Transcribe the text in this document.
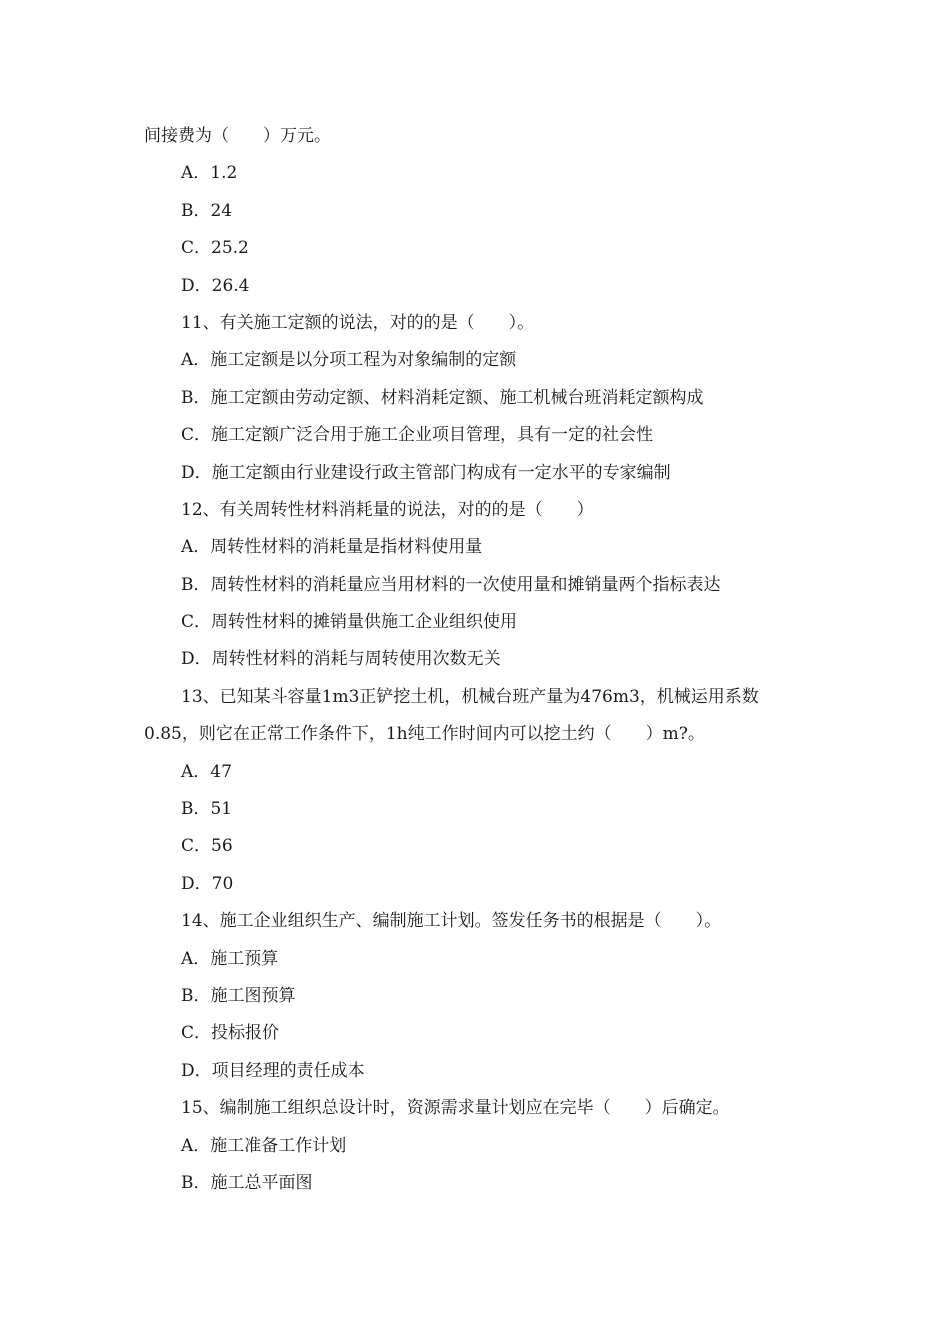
间接费为（　　）万元。
A．1.2
B．24
C．25.2
D．26.4
11、有关施工定额的说法，对的的是（　　）。
A．施工定额是以分项工程为对象编制的定额
B．施工定额由劳动定额、材料消耗定额、施工机械台班消耗定额构成
C．施工定额广泛合用于施工企业项目管理，具有一定的社会性
D．施工定额由行业建设行政主管部门构成有一定水平的专家编制
12、有关周转性材料消耗量的说法，对的的是（　　）
A．周转性材料的消耗量是指材料使用量
B．周转性材料的消耗量应当用材料的一次使用量和摊销量两个指标表达
C．周转性材料的摊销量供施工企业组织使用
D．周转性材料的消耗与周转使用次数无关
13、已知某斗容量1m3正铲挖土机，机械台班产量为476m3，机械运用系数
0.85，则它在正常工作条件下，1h纯工作时间内可以挖土约（　　）m?。
A．47
B．51
C．56
D．70
14、施工企业组织生产、编制施工计划。签发任务书的根据是（　　）。
A．施工预算
B．施工图预算
C．投标报价
D．项目经理的责任成本
15、编制施工组织总设计时，资源需求量计划应在完毕（　　）后确定。
A．施工准备工作计划
B．施工总平面图
